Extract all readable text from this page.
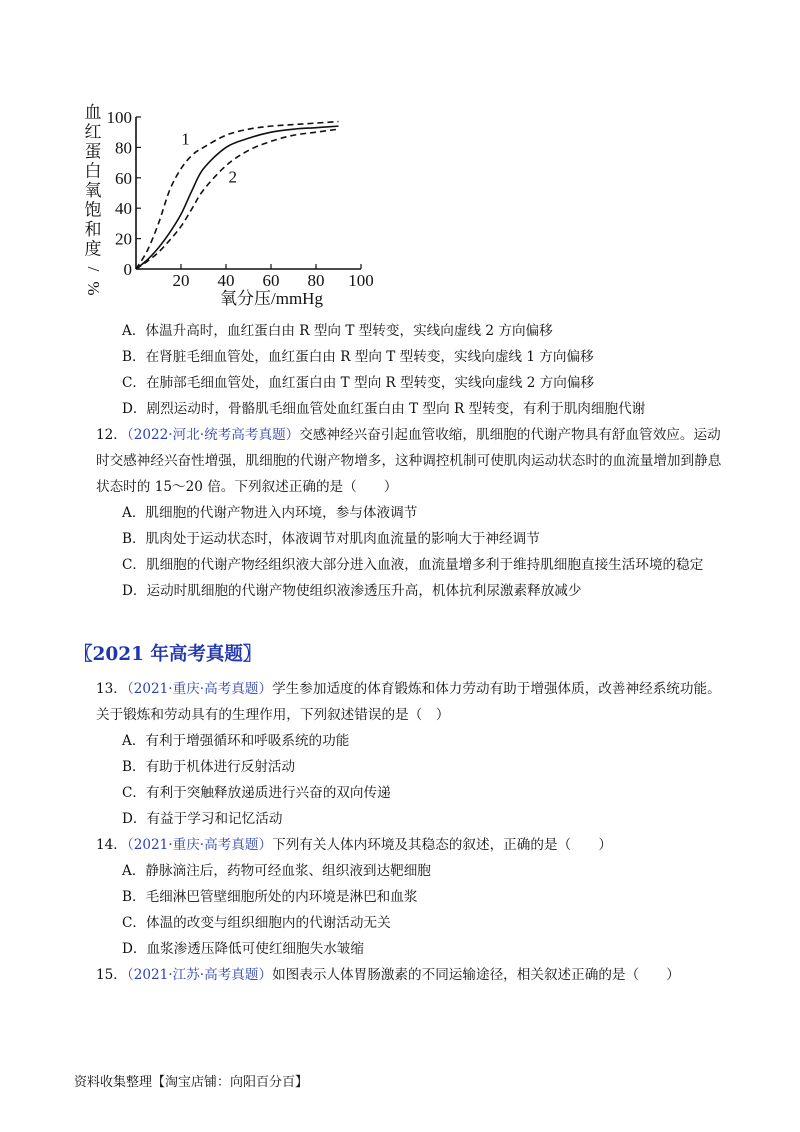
血
红
蛋
白
氧
饱
和
度
/
%
0
20
40
60
80
100
20 40 60 80 100
1
2
氧分压/mmHg
A．体温升高时，血红蛋白由 R 型向 T 型转变，实线向虚线 2 方向偏移
B．在肾脏毛细血管处，血红蛋白由 R 型向 T 型转变，实线向虚线 1 方向偏移
C．在肺部毛细血管处，血红蛋白由 T 型向 R 型转变，实线向虚线 2 方向偏移
D．剧烈运动时，骨骼肌毛细血管处血红蛋白由 T 型向 R 型转变，有利于肌肉细胞代谢
12．（2022·河北·统考高考真题）交感神经兴奋引起血管收缩，肌细胞的代谢产物具有舒血管效应。运动
时交感神经兴奋性增强，肌细胞的代谢产物增多，这种调控机制可使肌肉运动状态时的血流量增加到静息
状态时的 15～20 倍。下列叙述正确的是（　　）
A．肌细胞的代谢产物进入内环境，参与体液调节
B．肌肉处于运动状态时，体液调节对肌肉血流量的影响大于神经调节
C．肌细胞的代谢产物经组织液大部分进入血液，血流量增多利于维持肌细胞直接生活环境的稳定
D．运动时肌细胞的代谢产物使组织液渗透压升高，机体抗利尿激素释放减少
〖2021 年高考真题〗
13．（2021·重庆·高考真题）学生参加适度的体育锻炼和体力劳动有助于增强体质，改善神经系统功能。
关于锻炼和劳动具有的生理作用，下列叙述错误的是（　）
A．有利于增强循环和呼吸系统的功能
B．有助于机体进行反射活动
C．有利于突触释放递质进行兴奋的双向传递
D．有益于学习和记忆活动
14．（2021·重庆·高考真题）下列有关人体内环境及其稳态的叙述，正确的是（　　）
A．静脉滴注后，药物可经血浆、组织液到达靶细胞
B．毛细淋巴管壁细胞所处的内环境是淋巴和血浆
C．体温的改变与组织细胞内的代谢活动无关
D．血浆渗透压降低可使红细胞失水皱缩
15．（2021·江苏·高考真题）如图表示人体胃肠激素的不同运输途径，相关叙述正确的是（　　）
资料收集整理【淘宝店铺：向阳百分百】
